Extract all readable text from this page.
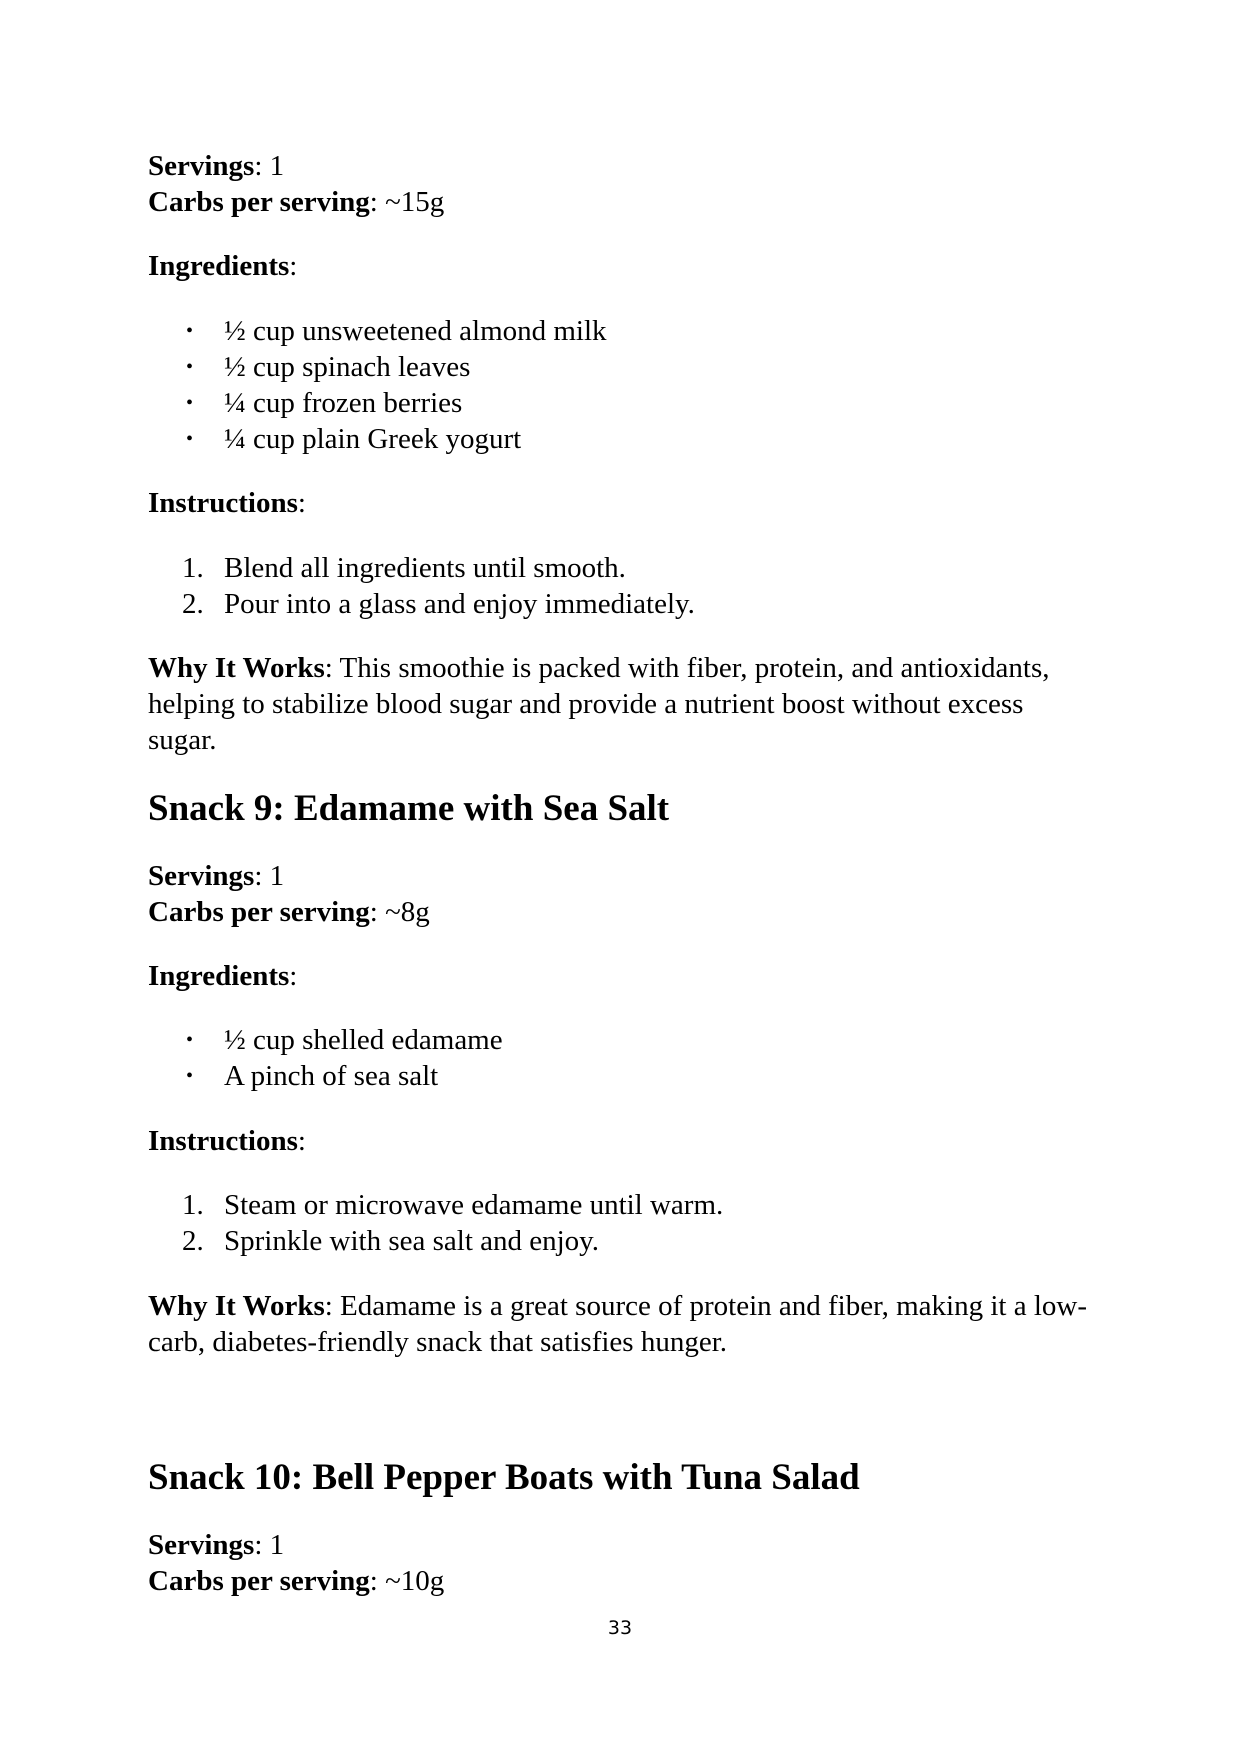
Servings: 1
Carbs per serving: ~15g
Ingredients:
• ½ cup unsweetened almond milk
• ½ cup spinach leaves
• ¼ cup frozen berries
• ¼ cup plain Greek yogurt
Instructions:
1. Blend all ingredients until smooth.
2. Pour into a glass and enjoy immediately.
Why It Works: This smoothie is packed with fiber, protein, and antioxidants, helping to stabilize blood sugar and provide a nutrient boost without excess sugar.
Snack 9: Edamame with Sea Salt
Servings: 1
Carbs per serving: ~8g
Ingredients:
• ½ cup shelled edamame
• A pinch of sea salt
Instructions:
1. Steam or microwave edamame until warm.
2. Sprinkle with sea salt and enjoy.
Why It Works: Edamame is a great source of protein and fiber, making it a low-carb, diabetes-friendly snack that satisfies hunger.
Snack 10: Bell Pepper Boats with Tuna Salad
Servings: 1
Carbs per serving: ~10g
33
